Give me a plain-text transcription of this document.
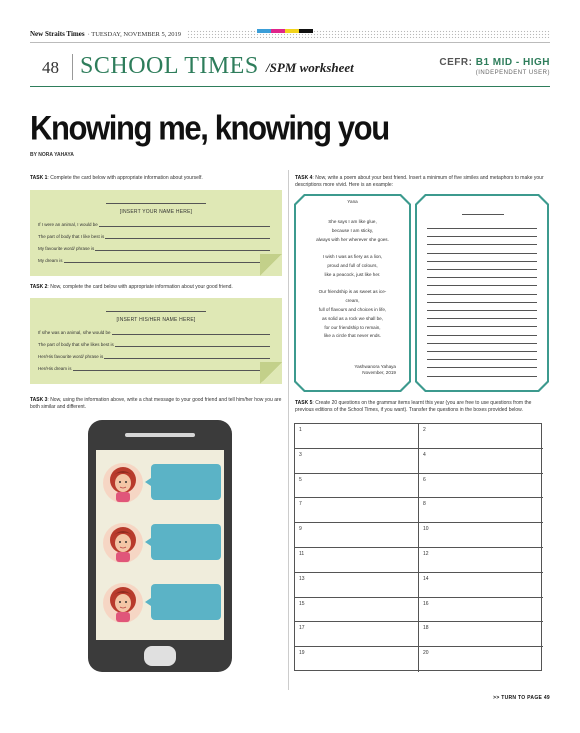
New Straits Times · TUESDAY, NOVEMBER 5, 2019
48 SCHOOL TIMES /SPM worksheet	CEFR: B1 MID - HIGH
(INDEPENDENT USER)
Knowing me, knowing you
BY NORA YAHAYA
TASK 1: Complete the card below with appropriate information about yourself.
[INSERT YOUR NAME HERE]
If I were an animal, I would be
The part of body that I like best is
My favourite word/ phrase is
My dream is
TASK 2: Now, complete the card below with appropriate information about your good friend.
[INSERT HIS/HER NAME HERE]
If s/he was an animal, s/he would be
The part of body that s/he likes best is
Her/His favourite word/ phrase is
Her/His dream is
TASK 3: Now, using the information above, write a chat message to your good friend and tell him/her how you are both similar and different.
TASK 4: Now, write a poem about your best friend. Insert a minimum of five similes and metaphors to make your descriptions more vivid. Here is an example:
Yana
She says I am like glue,
because I am sticky,
always with her wherever she goes.

I wish I was as fiery as a lion,
proud and full of colours,
like a peacock, just like her.

Our friendship is as sweet as ice-
cream,
full of flavours and choices in life,
as solid as a rock we shall be,
for our friendship to remain,
like a circle that never ends.
Yashwanora Yahaya
November, 2019
TASK 5: Create 20 questions on the grammar items learnt this year (you are free to use questions from the previous editions of the School Times, if you want). Transfer the questions in the boxes provided below.
1	2
3	4
5	6
7	8
9	10
11	12
13	14
15	16
17	18
19	20
>> TURN TO PAGE 49
